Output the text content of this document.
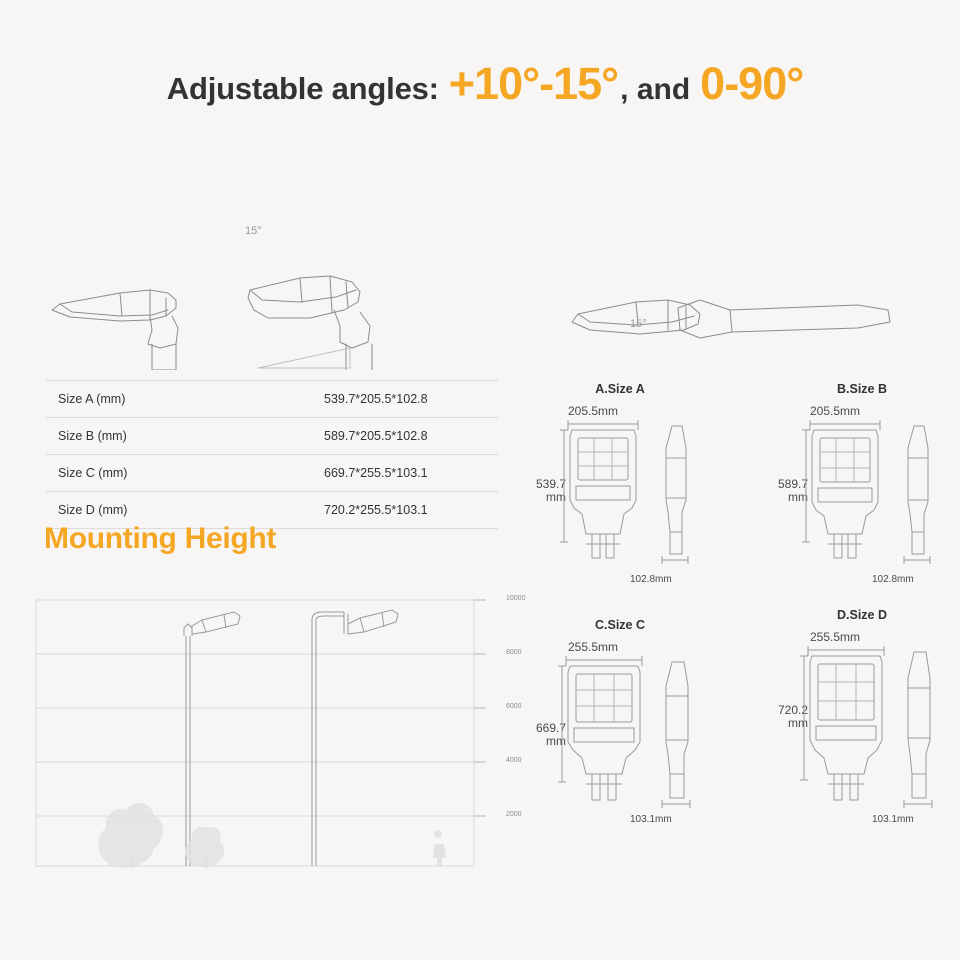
Adjustable angles: +10°-15° , and 0-90°
15°
15°
Size A (mm)	539.7*205.5*102.8
Size B (mm)	589.7*205.5*102.8
Size C (mm)	669.7*255.5*103.1
Size D (mm)	720.2*255.5*103.1
Mounting Height
10000
8000
6000
4000
2000
A.Size A
205.5mm
539.7
mm
102.8mm
B.Size B
205.5mm
589.7
mm
102.8mm
C.Size C
255.5mm
669.7
mm
103.1mm
D.Size D
255.5mm
720.2
mm
103.1mm
